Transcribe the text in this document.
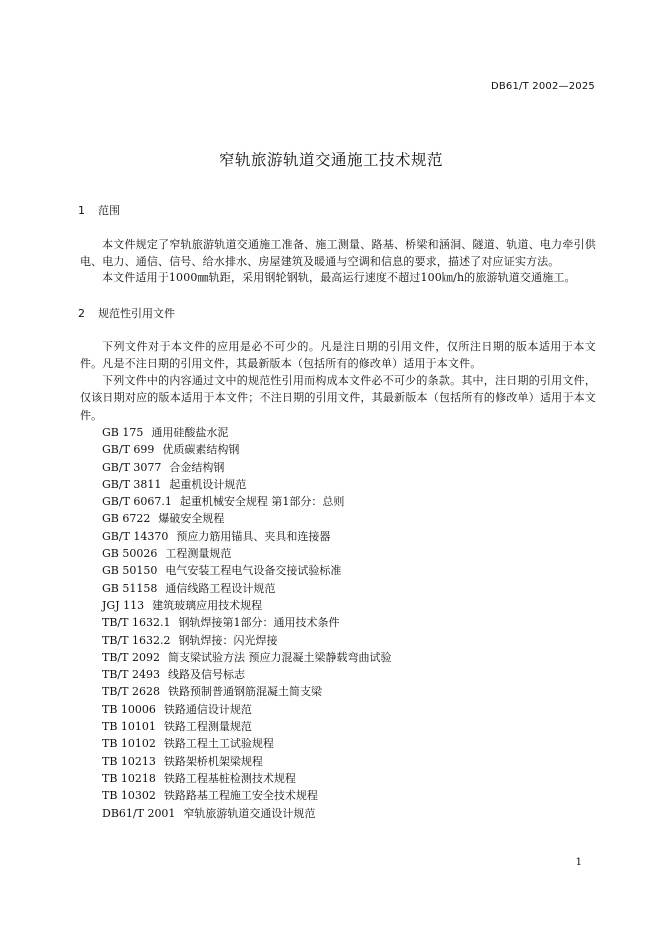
DB61/T 2002—2025
窄轨旅游轨道交通施工技术规范
1 范围

本文件规定了窄轨旅游轨道交通施工准备、施工测量、路基、桥梁和涵洞、隧道、轨道、电力牵引供电、电力、通信、信号、给水排水、房屋建筑及暖通与空调和信息的要求，描述了对应证实方法。

本文件适用于1000㎜轨距，采用钢轮钢轨，最高运行速度不超过100㎞/h的旅游轨道交通施工。

2 规范性引用文件

下列文件对于本文件的应用是必不可少的。凡是注日期的引用文件，仅所注日期的版本适用于本文件。凡是不注日期的引用文件，其最新版本（包括所有的修改单）适用于本文件。

下列文件中的内容通过文中的规范性引用而构成本文件必不可少的条款。其中，注日期的引用文件，仅该日期对应的版本适用于本文件；不注日期的引用文件，其最新版本（包括所有的修改单）适用于本文件。

GB 175 通用硅酸盐水泥
GB/T 699 优质碳素结构钢
GB/T 3077 合金结构钢
GB/T 3811 起重机设计规范
GB/T 6067.1 起重机械安全规程 第1部分：总则
GB 6722 爆破安全规程
GB/T 14370 预应力筋用锚具、夹具和连接器
GB 50026 工程测量规范
GB 50150 电气安装工程电气设备交接试验标准
GB 51158 通信线路工程设计规范
JGJ 113 建筑玻璃应用技术规程
TB/T 1632.1 钢轨焊接第1部分：通用技术条件
TB/T 1632.2 钢轨焊接：闪光焊接
TB/T 2092 简支梁试验方法 预应力混凝土梁静载弯曲试验
TB/T 2493 线路及信号标志
TB/T 2628 铁路预制普通钢筋混凝土简支梁
TB 10006 铁路通信设计规范
TB 10101 铁路工程测量规范
TB 10102 铁路工程土工试验规程
TB 10213 铁路架桥机架梁规程
TB 10218 铁路工程基桩检测技术规程
TB 10302 铁路路基工程施工安全技术规程
DB61/T 2001 窄轨旅游轨道交通设计规范
1
